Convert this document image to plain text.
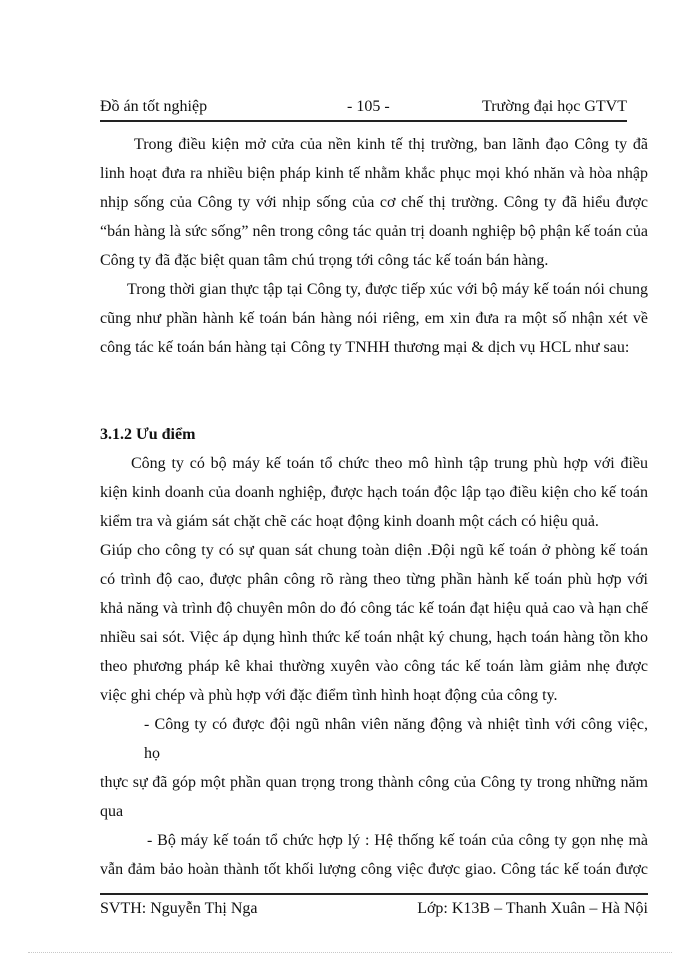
Đồ án tốt nghiệp	- 105 -	Trường đại học GTVT
Trong điều kiện mở cửa của nền kinh tế thị trường, ban lãnh đạo Công ty đã
linh hoạt đưa ra nhiều biện pháp kinh tế nhằm khắc phục mọi khó nhăn và hòa nhập
nhịp sống của Công ty với nhịp sống của cơ chế thị trường. Công ty đã hiểu được
“bán hàng là sức sống” nên trong công tác quản trị doanh nghiệp bộ phận kế toán của
Công ty đã đặc biệt quan tâm chú trọng tới công tác kế toán bán hàng.
Trong thời gian thực tập tại Công ty, được tiếp xúc với bộ máy kế toán nói chung
cũng như phần hành kế toán bán hàng nói riêng, em xin đưa ra một số nhận xét về
công tác kế toán bán hàng tại Công ty TNHH thương mại & dịch vụ HCL như sau:
3.1.2 Ưu điểm
Công ty có bộ máy kế toán tổ chức theo mô hình tập trung phù hợp với điều
kiện kinh doanh của doanh nghiệp, được hạch toán độc lập tạo điều kiện cho kế toán
kiểm tra và giám sát chặt chẽ các hoạt động kinh doanh một cách có hiệu quả.
Giúp cho công ty có sự quan sát chung toàn diện .Đội ngũ kế toán ở phòng kế toán
có trình độ cao, được phân công rõ ràng theo từng phần hành kế toán phù hợp với
khả năng và trình độ chuyên môn do đó công tác kế toán đạt hiệu quả cao và hạn chế
nhiều sai sót. Việc áp dụng hình thức kế toán nhật ký chung, hạch toán hàng tồn kho
theo phương pháp kê khai thường xuyên vào công tác kế toán làm giảm nhẹ được
việc ghi chép và phù hợp với đặc điểm tình hình hoạt động của công ty.
- Công ty có được đội ngũ nhân viên năng động và nhiệt tình với công việc, họ
thực sự đã góp một phần quan trọng trong thành công của Công ty trong những năm
qua
- Bộ máy kế toán tổ chức hợp lý : Hệ thống kế toán của công ty gọn nhẹ mà
vẫn đảm bảo hoàn thành tốt khối lượng công việc được giao. Công tác kế toán được
SVTH: Nguyễn Thị Nga	Lớp: K13B – Thanh Xuân – Hà Nội
